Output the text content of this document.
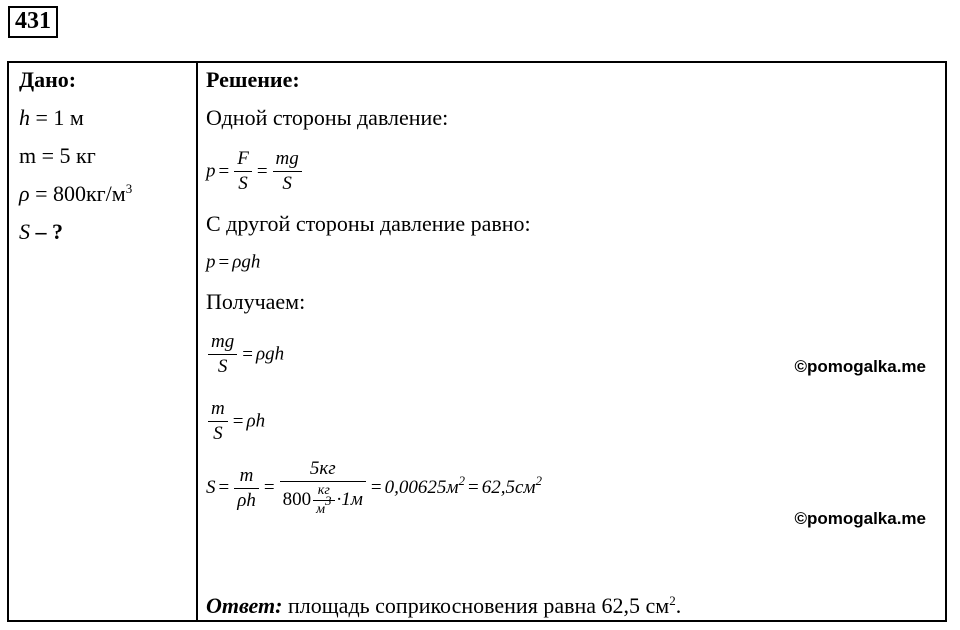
431
Дано:
h = 1 м
m = 5 кг
$\rho = 800кг/м^3$
S – ?
Решение:
Одной стороны давление:
$p = \frac{F}{S} = \frac{mg}{S}$
С другой стороны давление равно:
p = ρgh
Получаем:
$\frac{mg}{S} = \rho gh$
$\frac{m}{S} = \rho h$
$S = \frac{m}{\rho h} = \frac{5кг}{800 \frac{кг}{м^3} \cdot 1м} = 0,00625м^2 = 62,5см^2$
©pomogalka.me
©pomogalka.me
Ответ: площадь соприкосновения равна 62,5 $см^2$.
